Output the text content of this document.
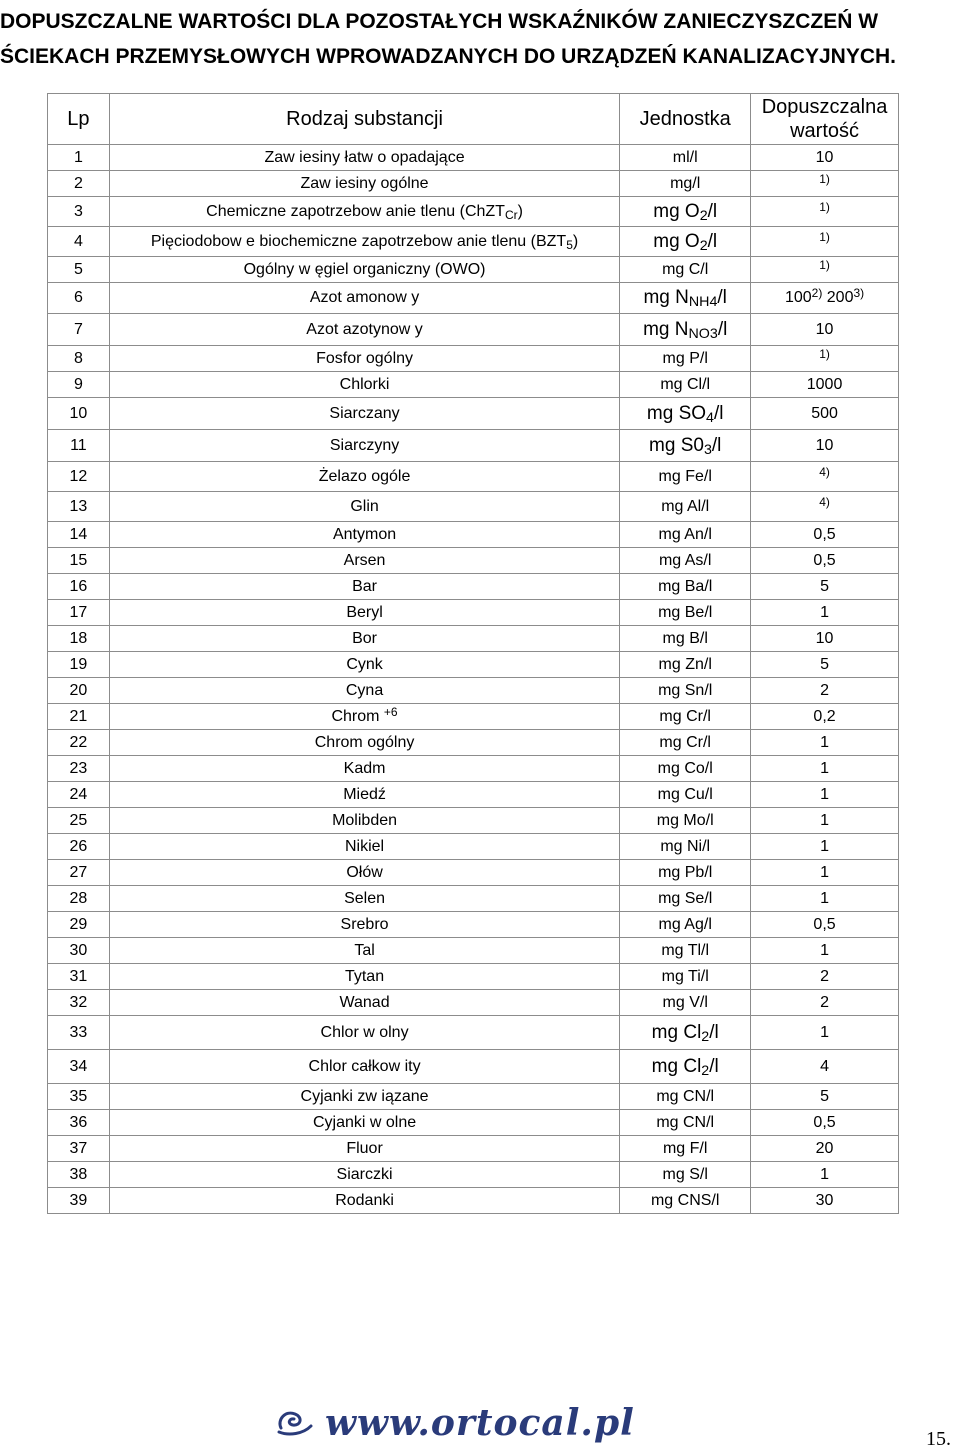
DOPUSZCZALNE WARTOŚCI DLA POZOSTAŁYCH WSKAŹNIKÓW ZANIECZYSZCZEŃ W
ŚCIEKACH PRZEMYSŁOWYCH WPROWADZANYCH DO URZĄDZEŃ KANALIZACYJNYCH.
Lp	Rodzaj substancji	Jednostka	Dopuszczalna
wartość

1	Zaw iesiny łatw o opadające	ml/l	10
2	Zaw iesiny ogólne	mg/l	$^{1)}$
3	Chemiczne zapotrzebow anie tlenu (ChZT$_{Cr}$)	mg $O_2/l$	$^{1)}$
4	Pięciodobow e biochemiczne zapotrzebow anie tlenu $(BZT_5)$	mg $O_2/l$	$^{1)}$
5	Ogólny w ęgiel organiczny (OWO)	mg C/l	$^{1)}$
6	Azot amonow y	mg $N_{NH4}/l$	100$^{2)}$ 200$^{3)}$
7	Azot azotynow y	mg $N_{NO3}/l$	10
8	Fosfor ogólny	mg P/l	$^{1)}$
9	Chlorki	mg Cl/l	1000
10	Siarczany	mg $SO_4/l$	500
11	Siarczyny	mg $S0_3/l$	10
12	Żelazo ogóle	mg Fe/l	$^{4)}$
13	Glin	mg Al/l	$^{4)}$
14	Antymon	mg An/l	0,5
15	Arsen	mg As/l	0,5
16	Bar	mg Ba/l	5
17	Beryl	mg Be/l	1
18	Bor	mg B/l	10
19	Cynk	mg Zn/l	5
20	Cyna	mg Sn/l	2
21	Chrom $^{+6}$	mg Cr/l	0,2
22	Chrom ogólny	mg Cr/l	1
23	Kadm	mg Co/l	1
24	Miedź	mg Cu/l	1
25	Molibden	mg Mo/l	1
26	Nikiel	mg Ni/l	1
27	Ołów	mg Pb/l	1
28	Selen	mg Se/l	1
29	Srebro	mg Ag/l	0,5
30	Tal	mg Tl/l	1
31	Tytan	mg Ti/l	2
32	Wanad	mg V/l	2
33	Chlor w olny	mg $Cl_2/l$	1
34	Chlor całkow ity	mg $Cl_2/l$	4
35	Cyjanki zw iązane	mg CN/l	5
36	Cyjanki w olne	mg CN/l	0,5
37	Fluor	mg F/l	20
38	Siarczki	mg S/l	1
39	Rodanki	mg CNS/l	30
www.ortocal.pl	15.
